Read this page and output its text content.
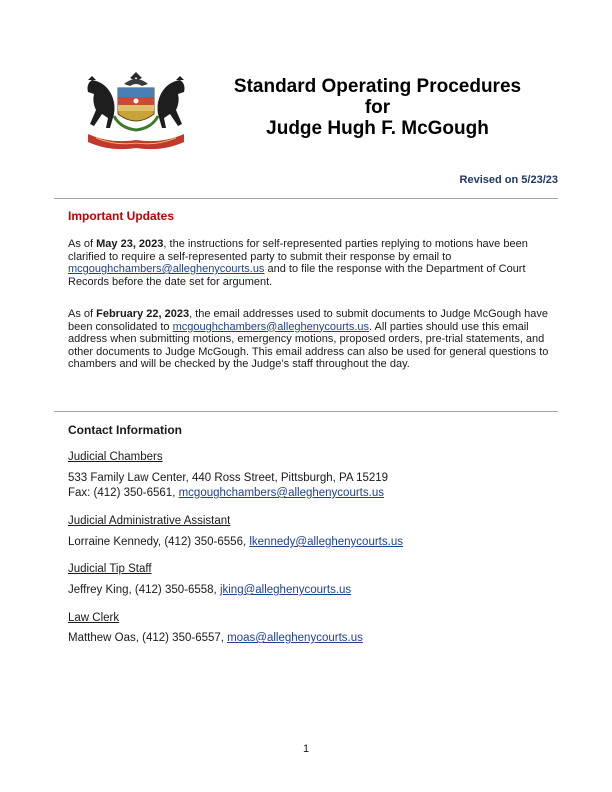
Standard Operating Procedures
for
Judge Hugh F. McGough
Revised on 5/23/23
Important Updates

As of May 23, 2023, the instructions for self-represented parties replying to motions have been clarified to require a self-represented party to submit their response by email to mcgoughchambers@alleghenycourts.us and to file the response with the Department of Court Records before the date set for argument.

As of February 22, 2023, the email addresses used to submit documents to Judge McGough have been consolidated to mcgoughchambers@alleghenycourts.us. All parties should use this email address when submitting motions, emergency motions, proposed orders, pre-trial statements, and other documents to Judge McGough. This email address can also be used for general questions to chambers and will be checked by the Judge’s staff throughout the day.

Contact Information
Judicial Chambers
533 Family Law Center, 440 Ross Street, Pittsburgh, PA 15219
Fax: (412) 350-6561, mcgoughchambers@alleghenycourts.us
Judicial Administrative Assistant
Lorraine Kennedy, (412) 350-6556, lkennedy@alleghenycourts.us
Judicial Tip Staff
Jeffrey King, (412) 350-6558, jking@alleghenycourts.us
Law Clerk
Matthew Oas, (412) 350-6557, moas@alleghenycourts.us
1
